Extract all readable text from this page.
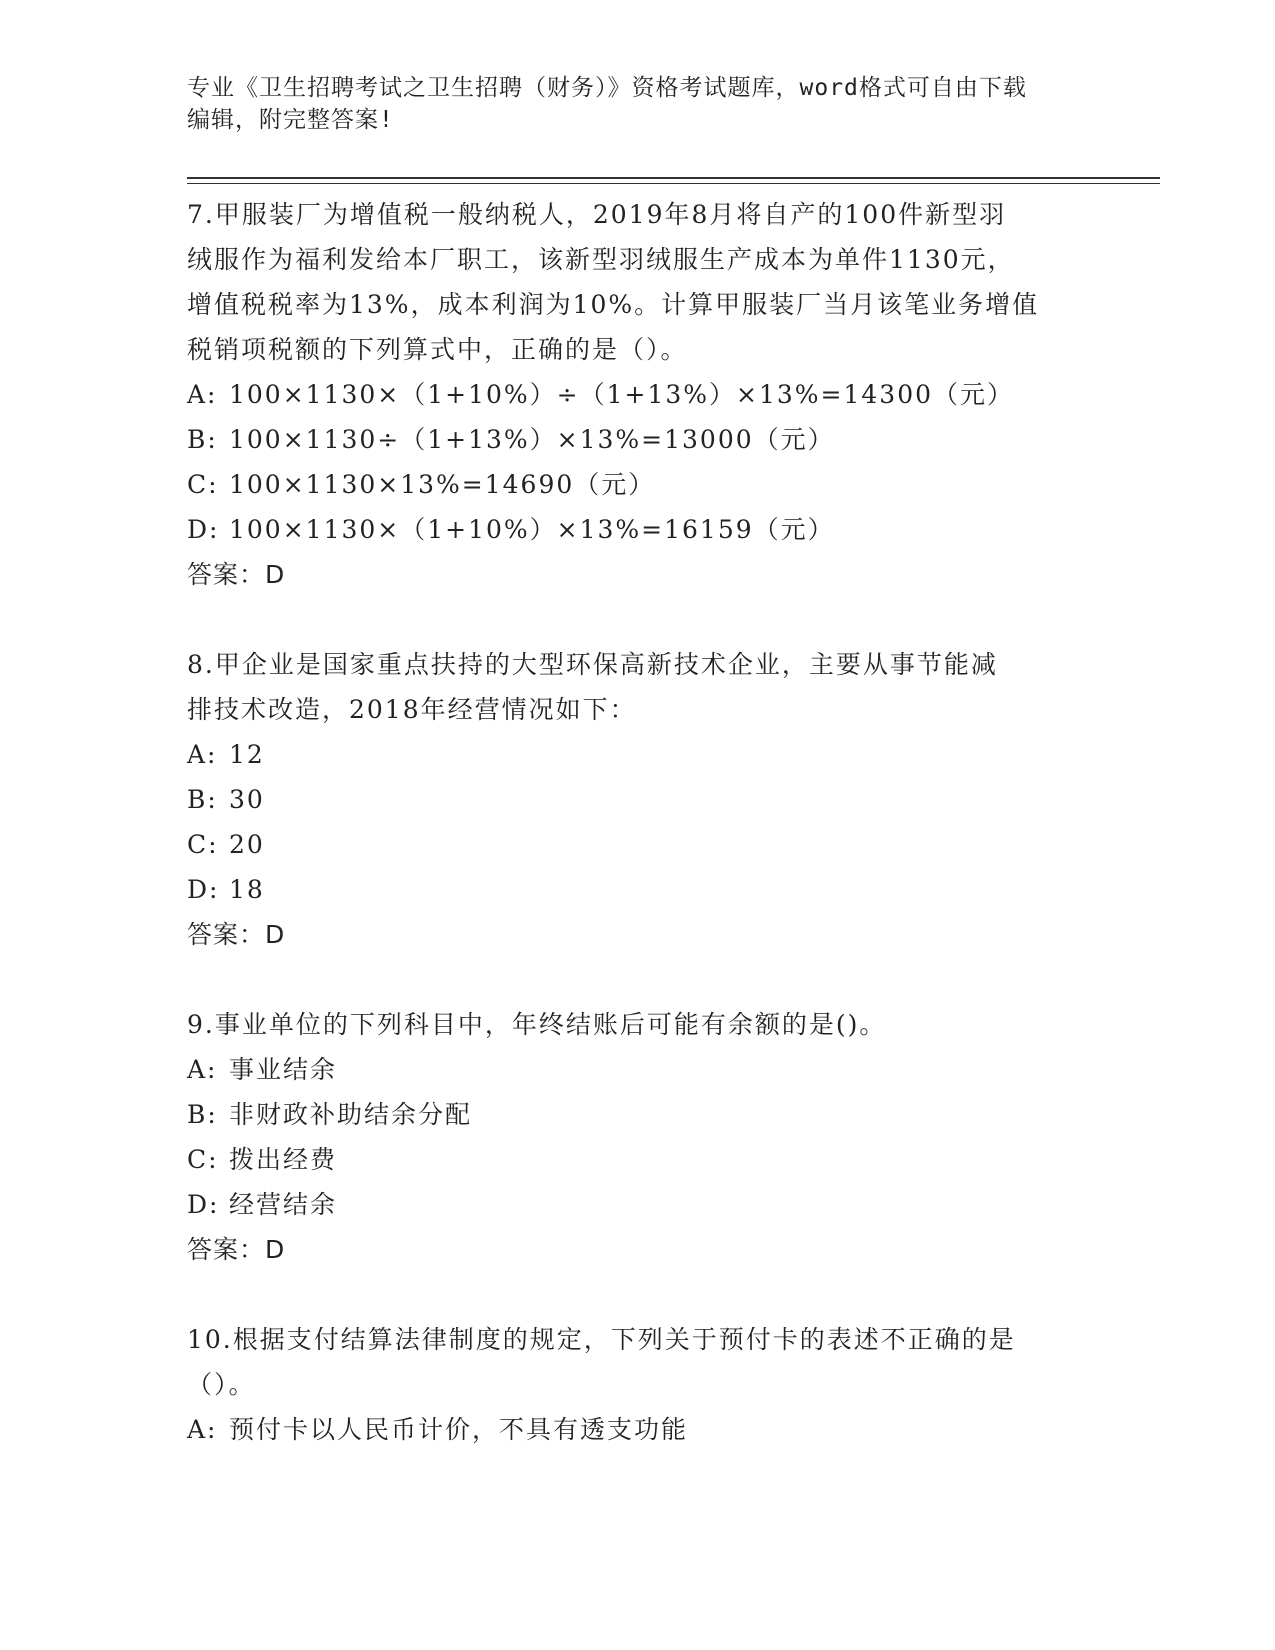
专业《卫生招聘考试之卫生招聘（财务）》资格考试题库，word格式可自由下载
编辑，附完整答案!

7.甲服装厂为增值税一般纳税人，2019年8月将自产的100件新型羽

绒服作为福利发给本厂职工，该新型羽绒服生产成本为单件1130元，

增值税税率为13%，成本利润为10%。计算甲服装厂当月该笔业务增值

税销项税额的下列算式中，正确的是（）。

A: 100×1130×（1+10%）÷（1+13%）×13%=14300（元）

B: 100×1130÷（1+13%）×13%=13000（元）

C: 100×1130×13%=14690（元）

D: 100×1130×（1+10%）×13%=16159（元）

答案：D

8.甲企业是国家重点扶持的大型环保高新技术企业，主要从事节能减

排技术改造，2018年经营情况如下：

A: 12

B: 30

C: 20

D: 18

答案：D

9.事业单位的下列科目中，年终结账后可能有余额的是()。

A: 事业结余

B: 非财政补助结余分配

C: 拨出经费

D: 经营结余

答案：D

10.根据支付结算法律制度的规定，下列关于预付卡的表述不正确的是

（）。

A: 预付卡以人民币计价，不具有透支功能
